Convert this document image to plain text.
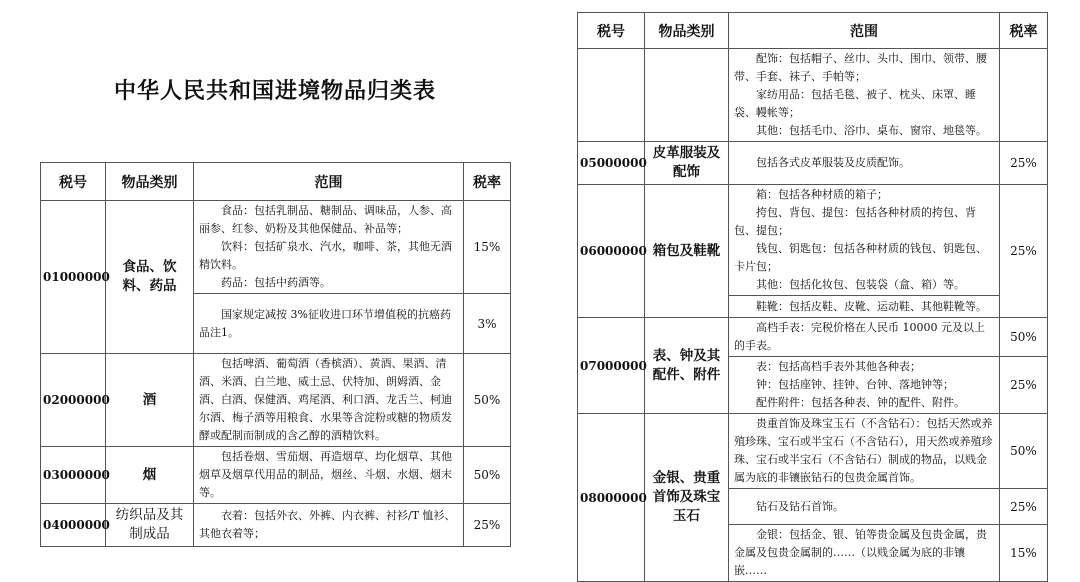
中华人民共和国进境物品归类表
税号	物品类别	范围	税率
01000000	食品、饮料、药品	食品：包括乳制品、糖制品、调味品，人参、高丽参、红参、奶粉及其他保健品、补品等；

饮料：包括矿泉水、汽水，咖啡、茶，其他无酒精饮料。

药品：包括中药酒等。	15%

		国家规定减按 3%征收进口环节增值税的抗癌药品注1。	3%
02000000	酒	包括啤酒、葡萄酒（香槟酒）、黄酒、果酒、清酒、米酒、白兰地、威士忌、伏特加、朗姆酒、金酒、白酒、保健酒、鸡尾酒、利口酒、龙舌兰、柯迪尔酒、梅子酒等用粮食、水果等含淀粉或糖的物质发酵或配制而制成的含乙醇的酒精饮料。	50%
03000000	烟	包括卷烟、雪茄烟、再造烟草、均化烟草、其他烟草及烟草代用品的制品，烟丝、斗烟、水烟、烟末等。	50%
04000000	纺织品及其制成品	衣着：包括外衣、外裤、内衣裤、衬衫/T 恤衫、其他衣着等；	25%
税号	物品类别	范围	税率

		配饰：包括帽子、丝巾、头巾、围巾、领带、腰带、手套、袜子、手帕等；

家纺用品：包括毛毯、被子、枕头、床罩、睡袋、幔帐等；

其他：包括毛巾、浴巾、桌布、窗帘、地毯等。	

05000000	皮革服装及配饰	包括各式皮革服装及皮质配饰。	25%
06000000	箱包及鞋靴	箱：包括各种材质的箱子；

挎包、背包、提包：包括各种材质的挎包、背包、提包；

钱包、钥匙包：包括各种材质的钱包、钥匙包、卡片包；

其他：包括化妆包、包装袋（盒、箱）等。	25%

		鞋靴：包括皮鞋、皮靴、运动鞋、其他鞋靴等。	

07000000	表、钟及其配件、附件	高档手表：完税价格在人民币 10000 元及以上的手表。	50%

		表：包括高档手表外其他各种表；

钟：包括座钟、挂钟、台钟、落地钟等；

配件附件：包括各种表、钟的配件、附件。	25%
08000000	金银、贵重首饰及珠宝玉石	贵重首饰及珠宝玉石（不含钻石）：包括天然或养殖珍珠、宝石或半宝石（不含钻石），用天然或养殖珍珠、宝石或半宝石（不含钻石）制成的物品，以贱金属为底的非镶嵌钻石的包贵金属首饰。	50%

		钻石及钻石首饰。	25%

		金银：包括金、银、铂等贵金属及包贵金属，贵金属及包贵金属制的……（以贱金属为底的非镶嵌……	15%
